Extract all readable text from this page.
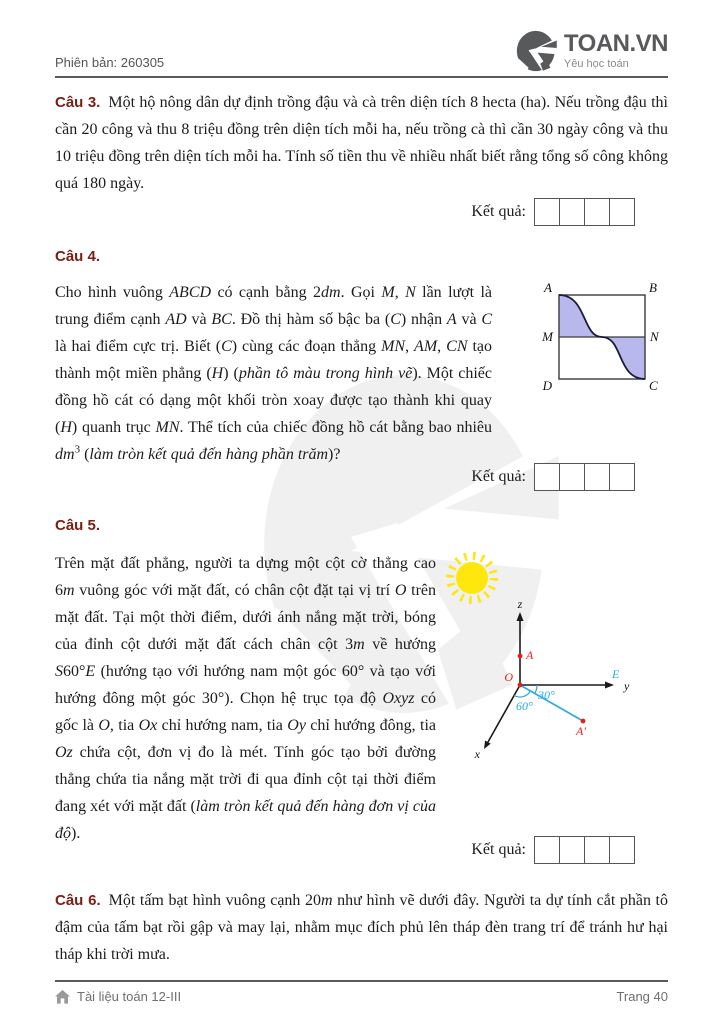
Phiên bản: 260305
TOAN.VN
Yêu học toán

Câu 3. Một hộ nông dân dự định trồng đậu và cà trên diện tích 8 hecta (ha). Nếu trồng đậu thì cần 20 công và thu 8 triệu đồng trên diện tích mỗi ha, nếu trồng cà thì cần 30 ngày công và thu 10 triệu đồng trên diện tích mỗi ha. Tính số tiền thu về nhiều nhất biết rằng tổng số công không quá 180 ngày.

Kết quả:
Câu 4.

Cho hình vuông ABCD có cạnh bằng 2dm. Gọi M, N lần lượt là trung điểm cạnh AD và BC. Đồ thị hàm số bậc ba (C) nhận A và C là hai điểm cực trị. Biết (C) cùng các đoạn thẳng MN, AM, CN tạo thành một miền phẳng (H) (phần tô màu trong hình vẽ). Một chiếc đồng hồ cát có dạng một khối tròn xoay được tạo thành khi quay (H) quanh trục MN. Thể tích của chiếc đồng hồ cát bằng bao nhiêu $dm^3$ (làm tròn kết quả đến hàng phần trăm)?

A	B
M	N
D	C
Kết quả:
Câu 5.

Trên mặt đất phẳng, người ta dựng một cột cờ thẳng cao 6m vuông góc với mặt đất, có chân cột đặt tại vị trí O trên mặt đất. Tại một thời điểm, dưới ánh nắng mặt trời, bóng của đỉnh cột dưới mặt đất cách chân cột 3m về hướng S60°E (hướng tạo với hướng nam một góc 60° và tạo với hướng đông một góc 30°). Chọn hệ trục tọa độ Oxyz có gốc là O, tia Ox chỉ hướng nam, tia Oy chỉ hướng đông, tia Oz chứa cột, đơn vị đo là mét. Tính góc tạo bởi đường thẳng chứa tia nắng mặt trời đi qua đỉnh cột tại thời điểm đang xét với mặt đất (làm tròn kết quả đến hàng đơn vị của độ).

z
y
x
E
O
A
A′
30°
60°
Kết quả:

Câu 6. Một tấm bạt hình vuông cạnh 20m như hình vẽ dưới đây. Người ta dự tính cắt phần tô đậm của tấm bạt rồi gập và may lại, nhằm mục đích phủ lên tháp đèn trang trí để tránh hư hại tháp khi trời mưa.

Tài liệu toán 12-III	Trang 40
